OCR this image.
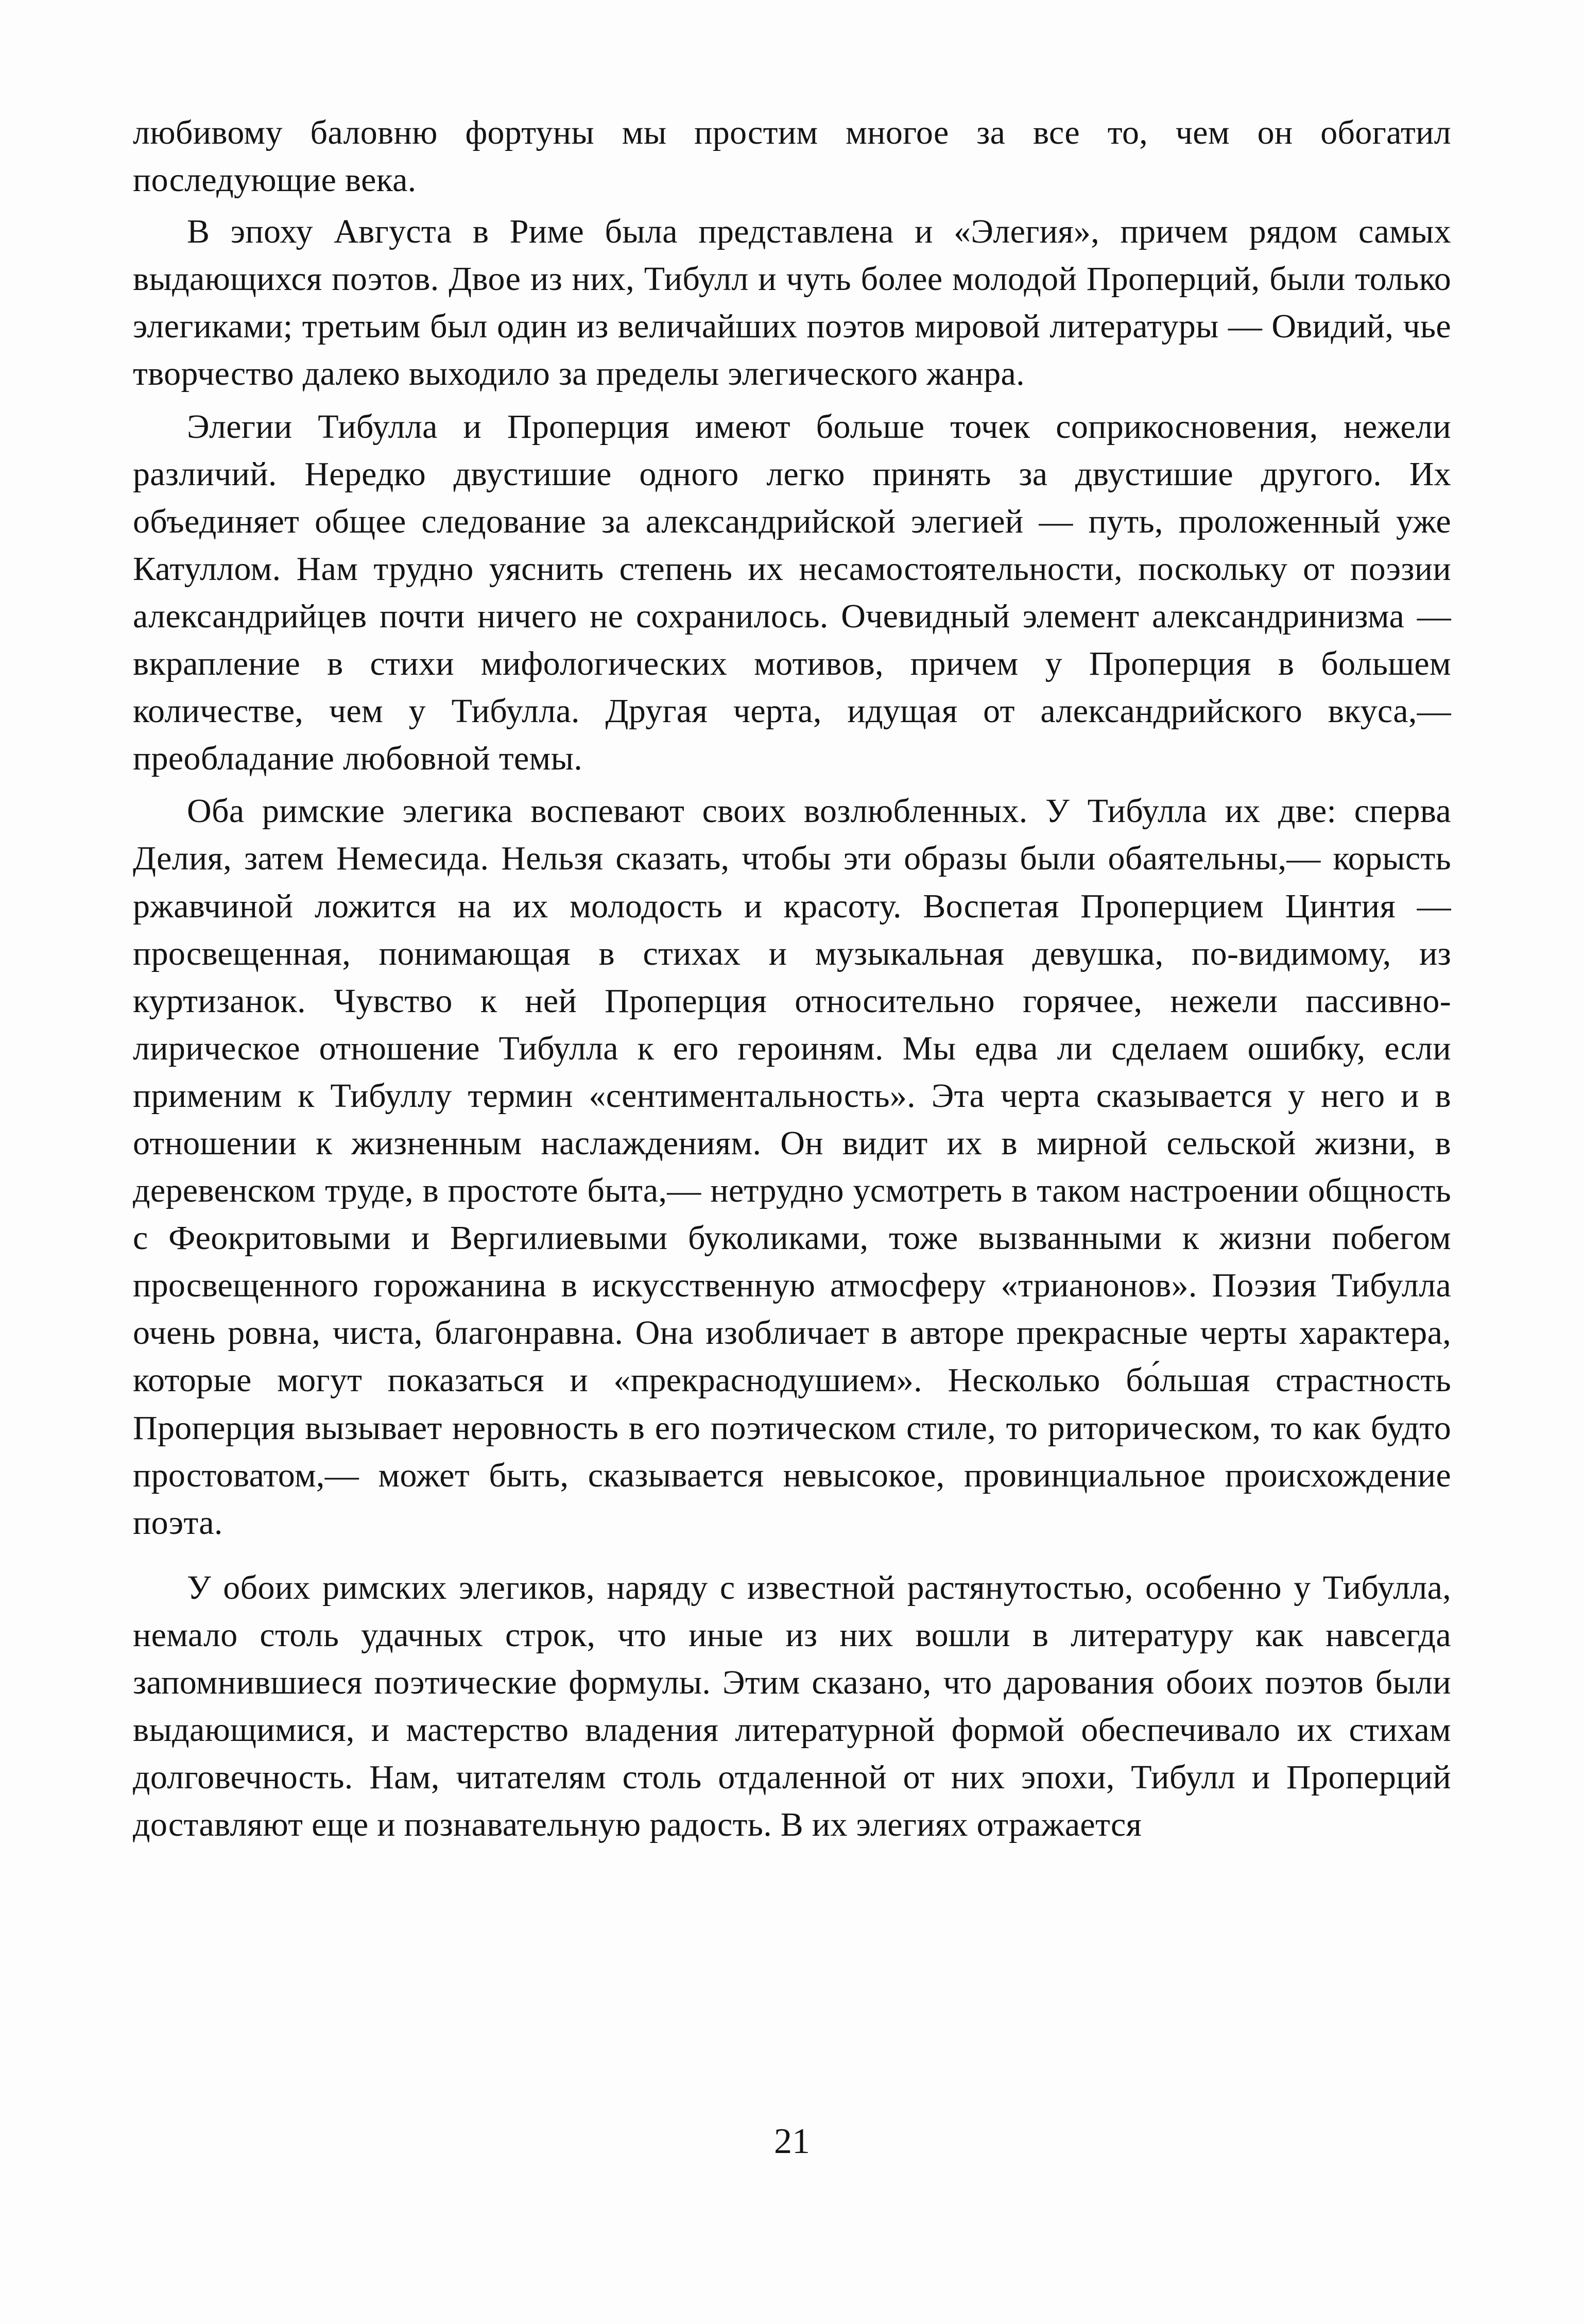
любивому баловню фортуны мы простим многое за все то, чем он обогатил последующие века.

В эпоху Августа в Риме была представлена и «Элегия», причем рядом самых выдающихся поэтов. Двое из них, Тибулл и чуть более молодой Проперций, были только элегиками; третьим был один из величайших поэтов мировой литературы — Овидий, чье творчество далеко выходило за пределы элегического жанра.

Элегии Тибулла и Проперция имеют больше точек соприкосновения, нежели различий. Нередко двустишие одного легко принять за двустишие другого. Их объединяет общее следование за александрийской элегией — путь, проложенный уже Катуллом. Нам трудно уяснить степень их несамостоятельности, поскольку от поэзии александрийцев почти ничего не сохранилось. Очевидный элемент александринизма — вкрапление в стихи мифологических мотивов, причем у Проперция в большем количестве, чем у Тибулла. Другая черта, идущая от александрийского вкуса,— преобладание любовной темы.

Оба римские элегика воспевают своих возлюбленных. У Тибулла их две: сперва Делия, затем Немесида. Нельзя сказать, чтобы эти образы были обаятельны,— корысть ржавчиной ложится на их молодость и красоту. Воспетая Проперцием Цинтия — просвещенная, понимающая в стихах и музыкальная девушка, по-видимому, из куртизанок. Чувство к ней Проперция относительно горячее, нежели пассивно-лирическое отношение Тибулла к его героиням. Мы едва ли сделаем ошибку, если применим к Тибуллу термин «сентиментальность». Эта черта сказывается у него и в отношении к жизненным наслаждениям. Он видит их в мирной сельской жизни, в деревенском труде, в простоте быта,— нетрудно усмотреть в таком настроении общность с Феокритовыми и Вергилиевыми буколиками, тоже вызванными к жизни побегом просвещенного горожанина в искусственную атмосферу «трианонов». Поэзия Тибулла очень ровна, чиста, благонравна. Она изобличает в авторе прекрасные черты характера, которые могут показаться и «прекраснодушием». Несколько бо́льшая страстность Проперция вызывает неровность в его поэтическом стиле, то риторическом, то как будто простоватом,— может быть, сказывается невысокое, провинциальное происхождение поэта.

У обоих римских элегиков, наряду с известной растянутостью, особенно у Тибулла, немало столь удачных строк, что иные из них вошли в литературу как навсегда запомнившиеся поэтические формулы. Этим сказано, что дарования обоих поэтов были выдающимися, и мастерство владения литературной формой обеспечивало их стихам долговечность. Нам, читателям столь отдаленной от них эпохи, Тибулл и Проперций доставляют еще и познавательную радость. В их элегиях отражается

21
